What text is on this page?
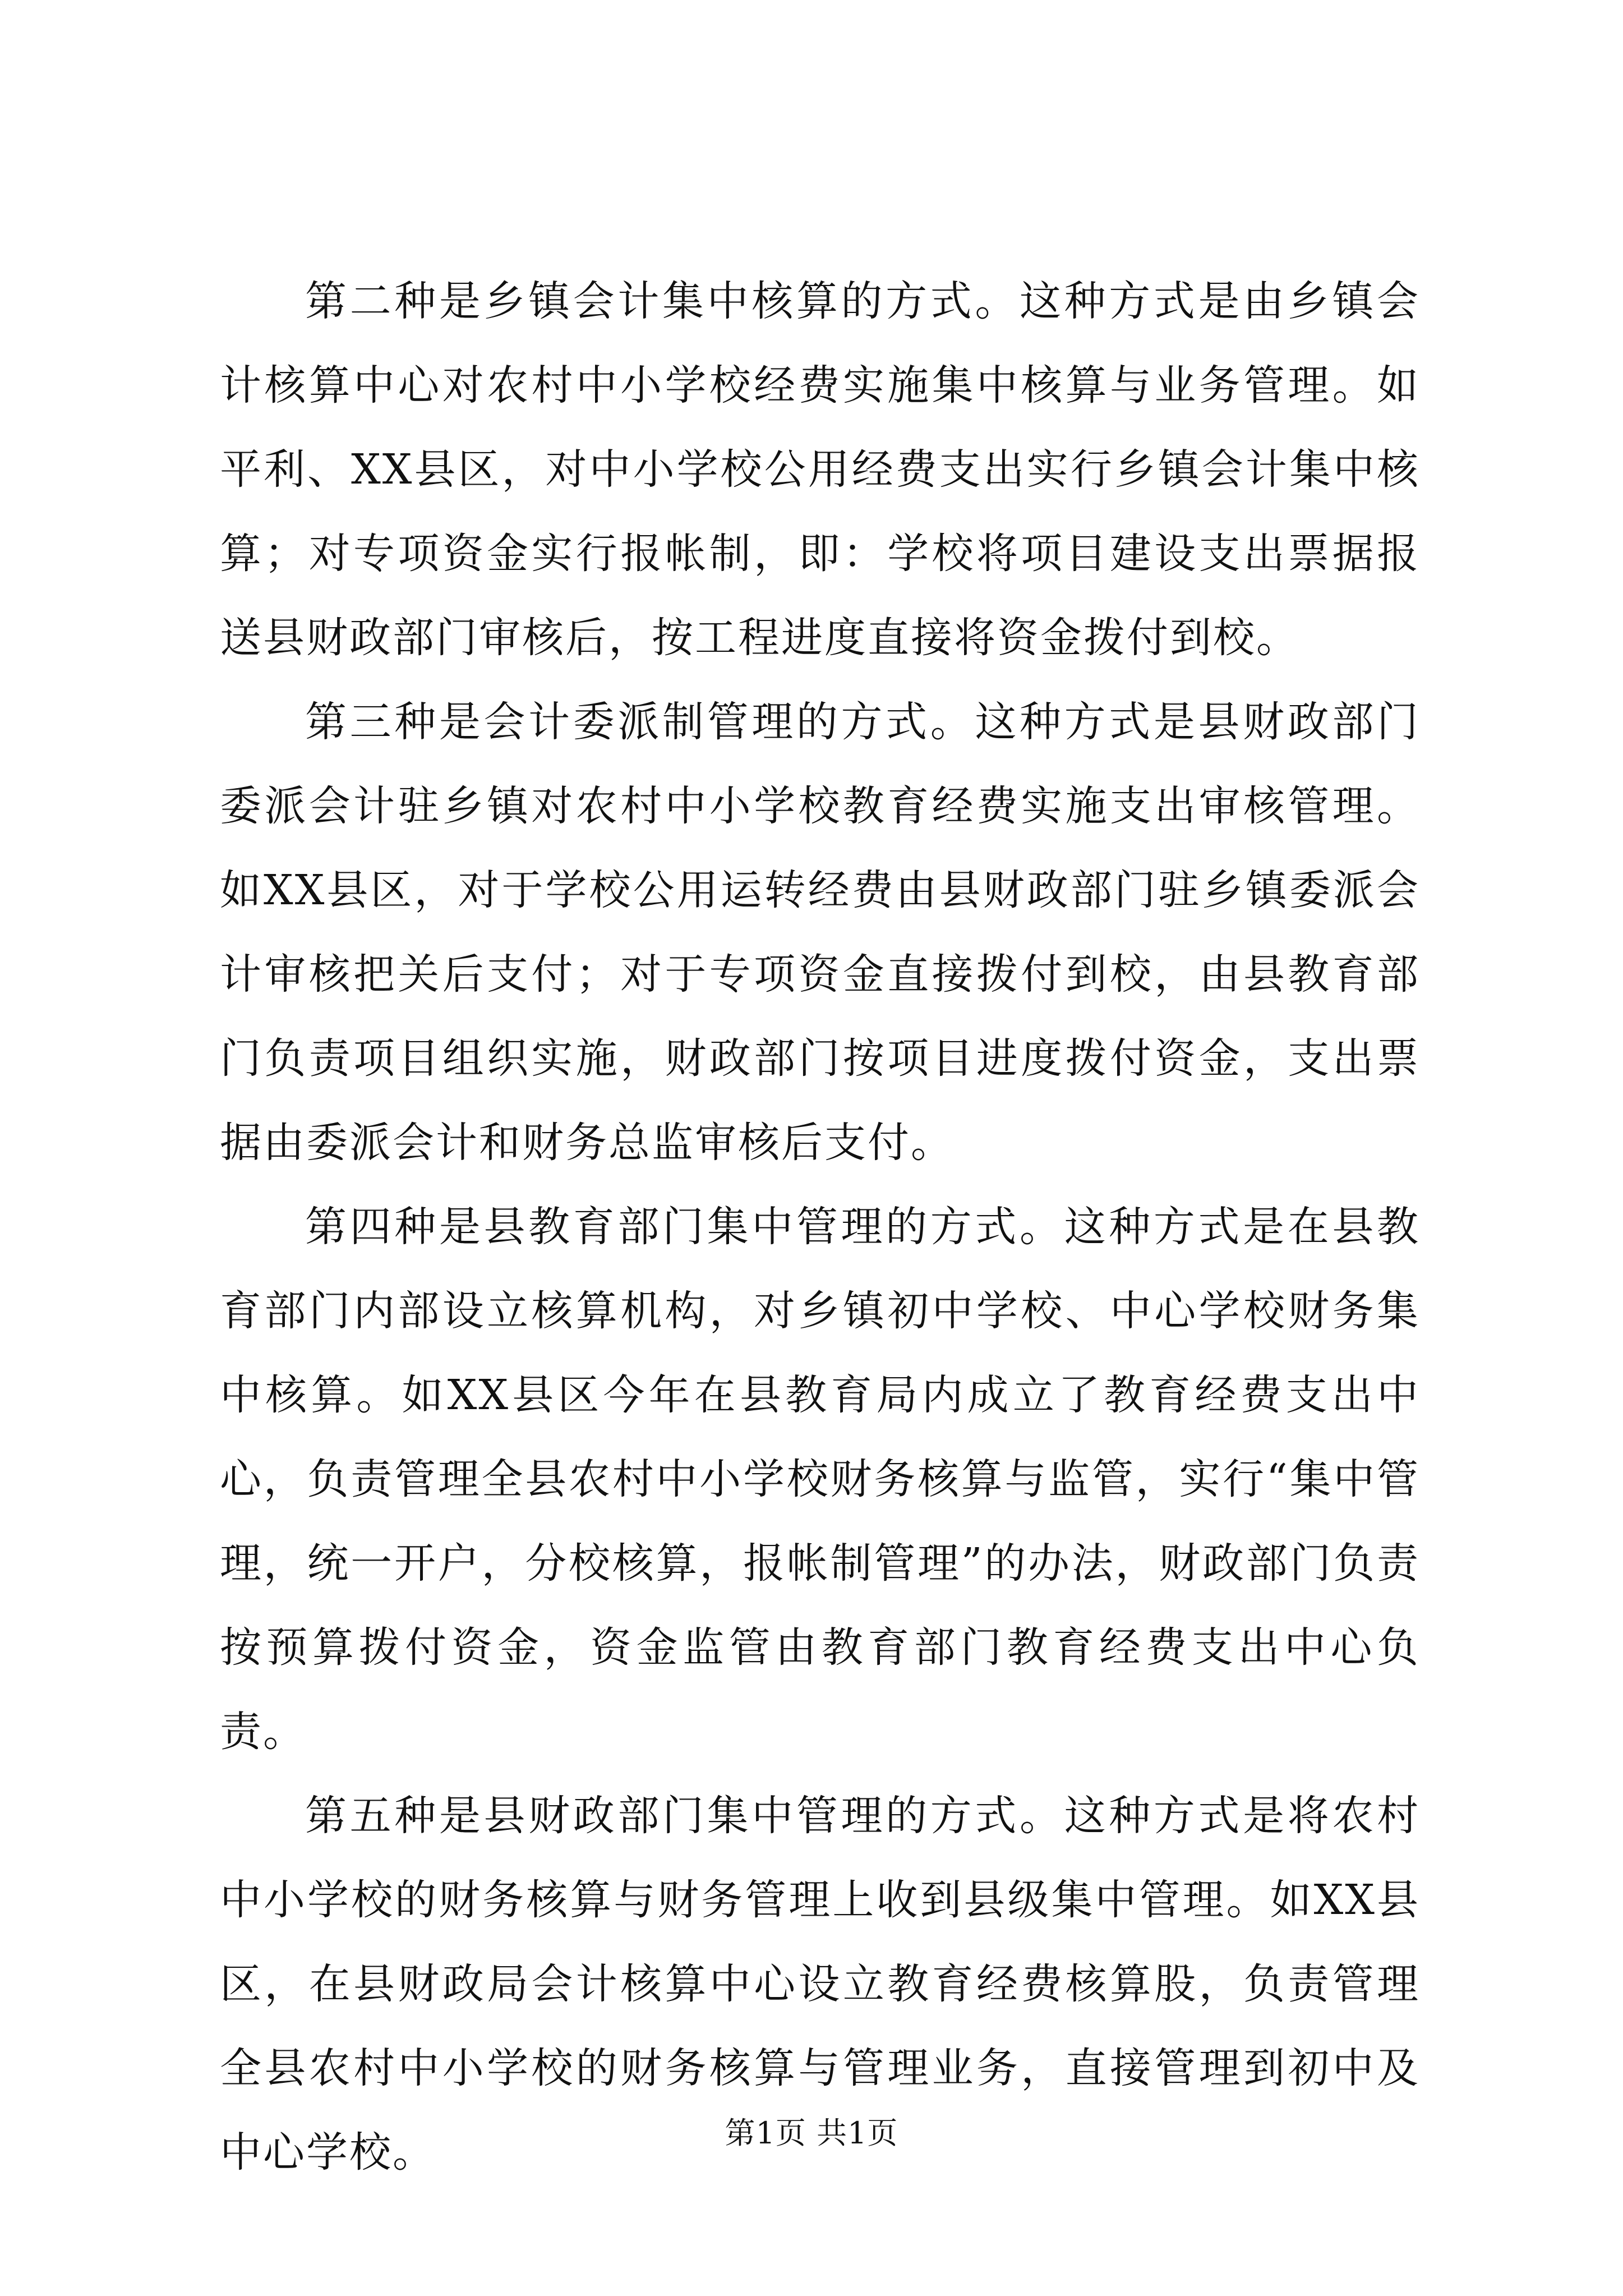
第二种是乡镇会计集中核算的方式。这种方式是由乡镇会计核算中心对农村中小学校经费实施集中核算与业务管理。如平利、XX县区，对中小学校公用经费支出实行乡镇会计集中核算；对专项资金实行报帐制，即：学校将项目建设支出票据报送县财政部门审核后，按工程进度直接将资金拨付到校。

第三种是会计委派制管理的方式。这种方式是县财政部门委派会计驻乡镇对农村中小学校教育经费实施支出审核管理。如XX县区，对于学校公用运转经费由县财政部门驻乡镇委派会计审核把关后支付；对于专项资金直接拨付到校，由县教育部门负责项目组织实施，财政部门按项目进度拨付资金，支出票据由委派会计和财务总监审核后支付。

第四种是县教育部门集中管理的方式。这种方式是在县教育部门内部设立核算机构，对乡镇初中学校、中心学校财务集中核算。如XX县区今年在县教育局内成立了教育经费支出中心，负责管理全县农村中小学校财务核算与监管，实行“集中管理，统一开户，分校核算，报帐制管理”的办法，财政部门负责按预算拨付资金，资金监管由教育部门教育经费支出中心负责。

第五种是县财政部门集中管理的方式。这种方式是将农村中小学校的财务核算与财务管理上收到县级集中管理。如XX县区，在县财政局会计核算中心设立教育经费核算股，负责管理全县农村中小学校的财务核算与管理业务，直接管理到初中及中心学校。	第1页 共1页
